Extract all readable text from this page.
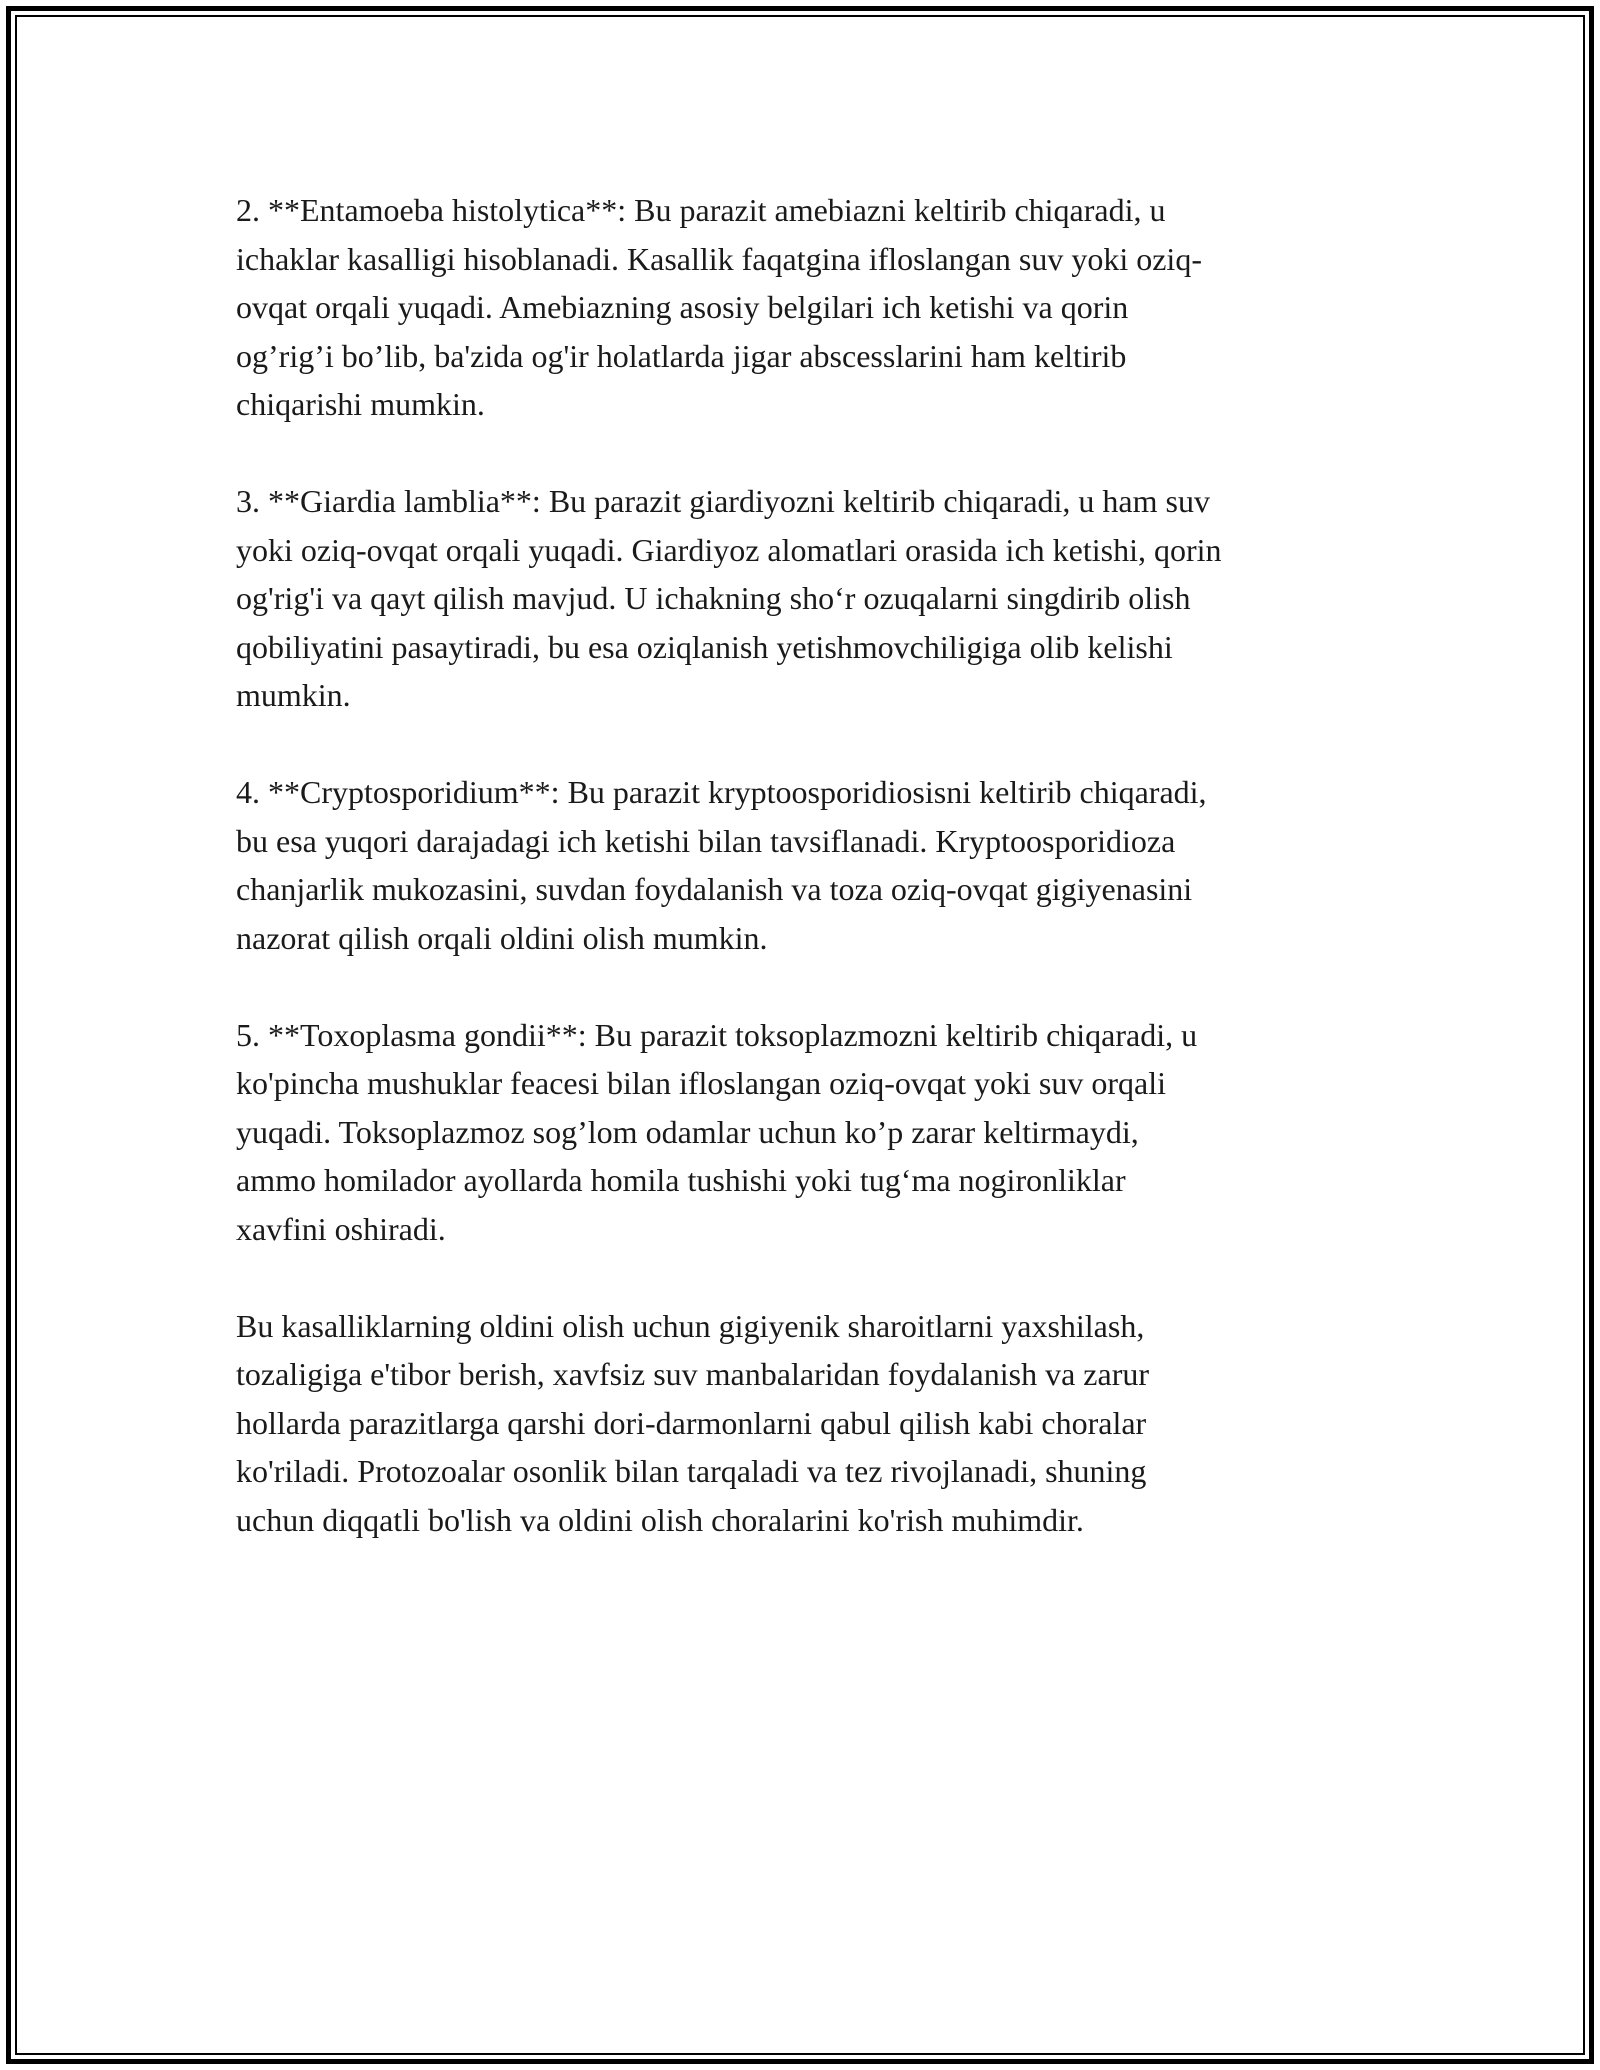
2. **Entamoeba histolytica**: Bu parazit amebiazni keltirib chiqaradi, u
ichaklar kasalligi hisoblanadi. Kasallik faqatgina ifloslangan suv yoki oziq-
ovqat orqali yuqadi. Amebiazning asosiy belgilari ich ketishi va qorin
og’rig’i bo’lib, ba'zida og'ir holatlarda jigar abscesslarini ham keltirib
chiqarishi mumkin.

3. **Giardia lamblia**: Bu parazit giardiyozni keltirib chiqaradi, u ham suv
yoki oziq-ovqat orqali yuqadi. Giardiyoz alomatlari orasida ich ketishi, qorin
og'rig'i va qayt qilish mavjud. U ichakning sho‘r ozuqalarni singdirib olish
qobiliyatini pasaytiradi, bu esa oziqlanish yetishmovchiligiga olib kelishi
mumkin.

4. **Cryptosporidium**: Bu parazit kryptoosporidiosisni keltirib chiqaradi,
bu esa yuqori darajadagi ich ketishi bilan tavsiflanadi. Kryptoosporidioza
chanjarlik mukozasini, suvdan foydalanish va toza oziq-ovqat gigiyenasini
nazorat qilish orqali oldini olish mumkin.

5. **Toxoplasma gondii**: Bu parazit toksoplazmozni keltirib chiqaradi, u
ko'pincha mushuklar feacesi bilan ifloslangan oziq-ovqat yoki suv orqali
yuqadi. Toksoplazmoz sog’lom odamlar uchun ko’p zarar keltirmaydi,
ammo homilador ayollarda homila tushishi yoki tug‘ma nogironliklar
xavfini oshiradi.

Bu kasalliklarning oldini olish uchun gigiyenik sharoitlarni yaxshilash,
tozaligiga e'tibor berish, xavfsiz suv manbalaridan foydalanish va zarur
hollarda parazitlarga qarshi dori-darmonlarni qabul qilish kabi choralar
ko'riladi. Protozoalar osonlik bilan tarqaladi va tez rivojlanadi, shuning
uchun diqqatli bo'lish va oldini olish choralarini ko'rish muhimdir.
